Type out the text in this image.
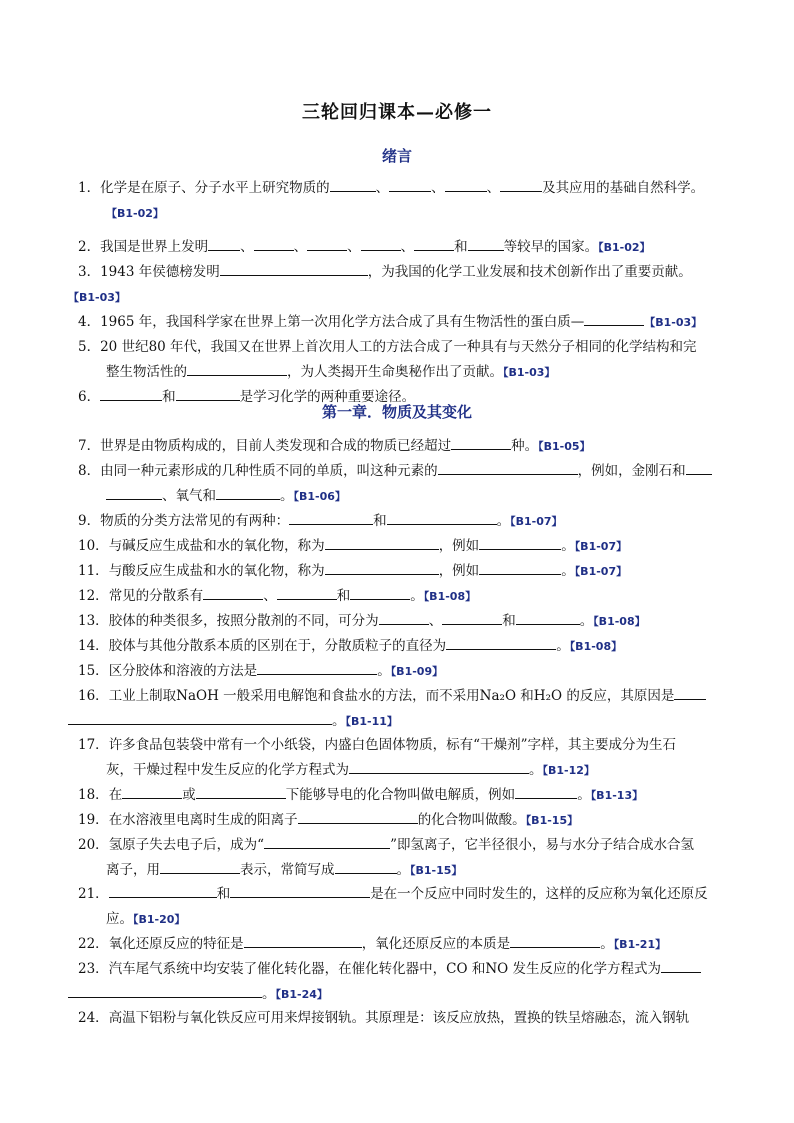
三轮回归课本—必修一
绪言
第一章．物质及其变化
1．化学是在原子、分子水平上研究物质的	、	、	、	及其应用的基础自然科学。
【B1-02】
2．我国是世界上发明 、	、	、	、	和	等较早的国家。【B1-02】
3．1943 年侯德榜发明	，为我国的化学工业发展和技术创新作出了重要贡献。
【B1-03】
4．1965 年，我国科学家在世界上第一次用化学方法合成了具有生物活性的蛋白质—	【B1-03】
5．20 世纪80 年代，我国又在世界上首次用人工的方法合成了一种具有与天然分子相同的化学结构和完
整生物活性的	，为人类揭开生命奥秘作出了贡献。【B1-03】
6．	和	是学习化学的两种重要途径。
7．世界是由物质构成的，目前人类发现和合成的物质已经超过	种。【B1-05】
8．由同一种元素形成的几种性质不同的单质，叫这种元素的	，例如，金刚石和
、氧气和	。【B1-06】
9．物质的分类方法常见的有两种：	和	。【B1-07】
10．与碱反应生成盐和水的氧化物，称为	，例如	。【B1-07】
11．与酸反应生成盐和水的氧化物，称为	，例如	。【B1-07】
12．常见的分散系有	、	和	。【B1-08】
13．胶体的种类很多，按照分散剂的不同，可分为	、	和	。【B1-08】
14．胶体与其他分散系本质的区别在于，分散质粒子的直径为	。【B1-08】
15．区分胶体和溶液的方法是	。【B1-09】
16．工业上制取NaOH 一般采用电解饱和食盐水的方法，而不采用Na₂O 和H₂O 的反应，其原因是
。【B1-11】
17．许多食品包装袋中常有一个小纸袋，内盛白色固体物质，标有“干燥剂”字样，其主要成分为生石
灰，干燥过程中发生反应的化学方程式为	。【B1-12】
18．在	或	下能够导电的化合物叫做电解质，例如	。【B1-13】
19．在水溶液里电离时生成的阳离子	的化合物叫做酸。【B1-15】
20．氢原子失去电子后，成为“	”即氢离子，它半径很小，易与水分子结合成水合氢
离子，用	表示，常简写成	。【B1-15】
21．	和	是在一个反应中同时发生的，这样的反应称为氧化还原反
应。【B1-20】
22．氧化还原反应的特征是	，氧化还原反应的本质是	。【B1-21】
23．汽车尾气系统中均安装了催化转化器，在催化转化器中，CO 和NO 发生反应的化学方程式为
。【B1-24】
24．高温下铝粉与氧化铁反应可用来焊接钢轨。其原理是：该反应放热，置换的铁呈熔融态，流入钢轨
